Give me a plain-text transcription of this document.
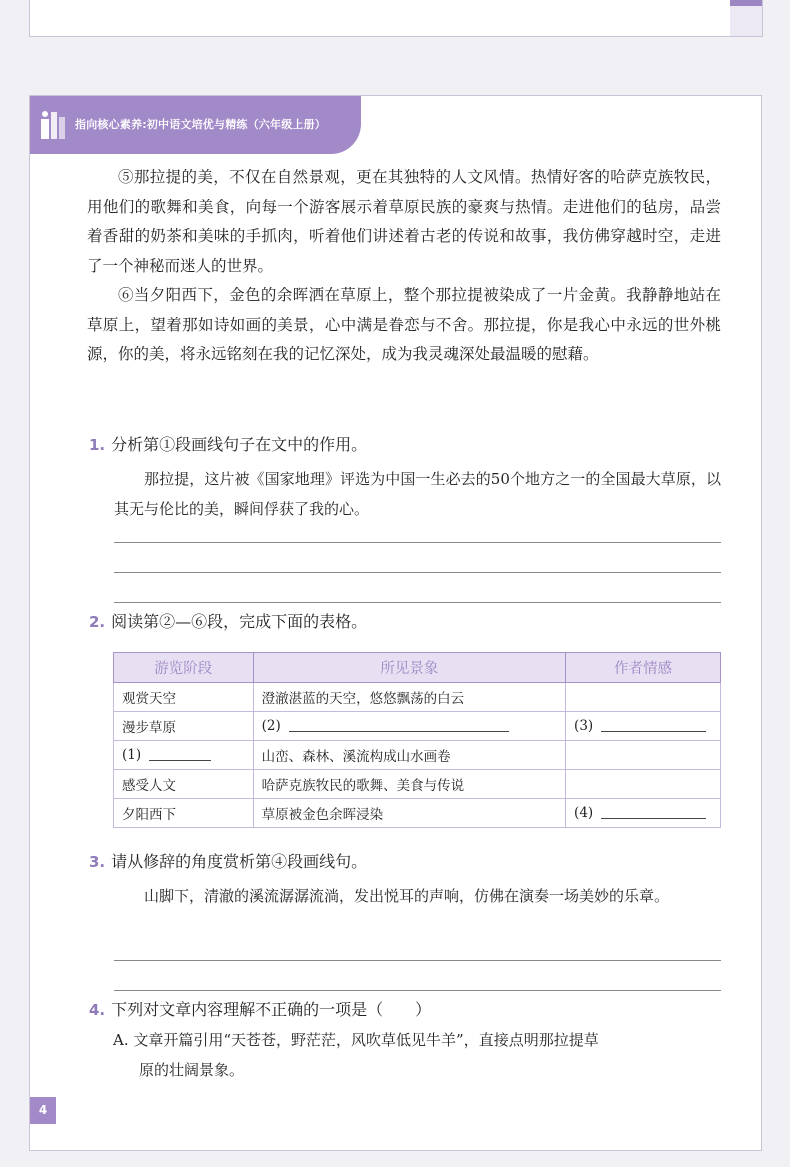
指向核心素养:初中语文培优与精练（六年级上册）

⑤那拉提的美，不仅在自然景观，更在其独特的人文风情。热情好客的哈萨克族牧民，用他们的歌舞和美食，向每一个游客展示着草原民族的豪爽与热情。走进他们的毡房，品尝着香甜的奶茶和美味的手抓肉，听着他们讲述着古老的传说和故事，我仿佛穿越时空，走进了一个神秘而迷人的世界。

⑥当夕阳西下，金色的余晖洒在草原上，整个那拉提被染成了一片金黄。我静静地站在草原上，望着那如诗如画的美景，心中满是眷恋与不舍。那拉提，你是我心中永远的世外桃源，你的美，将永远铭刻在我的记忆深处，成为我灵魂深处最温暖的慰藉。

1. 分析第①段画线句子在文中的作用。
那拉提，这片被《国家地理》评选为中国一生必去的50个地方之一的全国最大草原，以其无与伦比的美，瞬间俘获了我的心。
2. 阅读第②—⑥段，完成下面的表格。
游览阶段	所见景象	作者情感
观赏天空	澄澈湛蓝的天空，悠悠飘荡的白云	
漫步草原	(2)	(3)
(1)	山峦、森林、溪流构成山水画卷	
感受人文	哈萨克族牧民的歌舞、美食与传说	
夕阳西下	草原被金色余晖浸染	(4)
3. 请从修辞的角度赏析第④段画线句。
山脚下，清澈的溪流潺潺流淌，发出悦耳的声响，仿佛在演奏一场美妙的乐章。
4. 下列对文章内容理解不正确的一项是（　　）
A. 文章开篇引用“天苍苍，野茫茫，风吹草低见牛羊”，直接点明那拉提草
原的壮阔景象。
4
